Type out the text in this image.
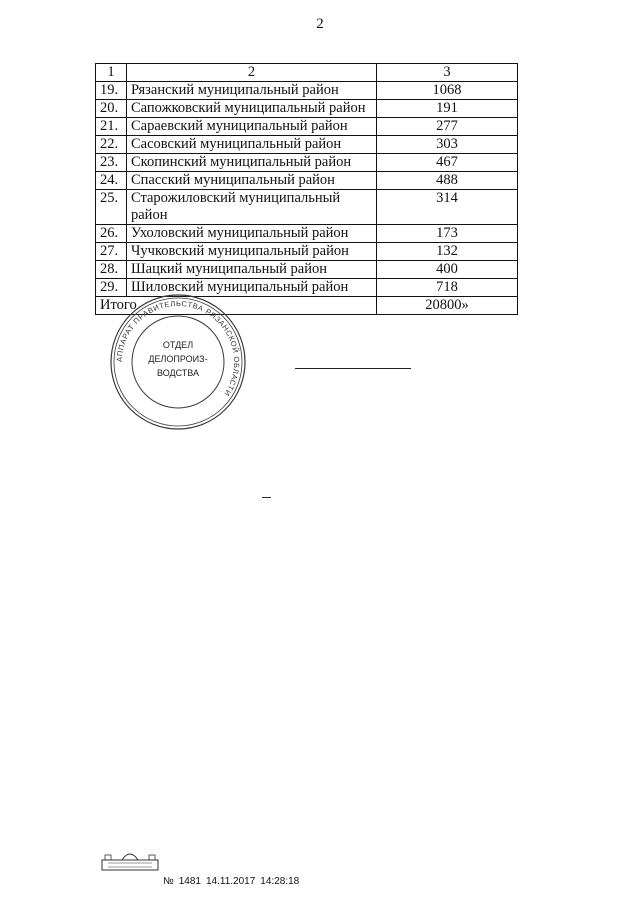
2
1	2	3
19.	Рязанский муниципальный район	1068
20.	Сапожковский муниципальный район	191
21.	Сараевский муниципальный район	277
22.	Сасовский муниципальный район	303
23.	Скопинский муниципальный район	467
24.	Спасский муниципальный район	488
25.	Старожиловский муниципальный район	314
26.	Ухоловский муниципальный район	173
27.	Чучковский муниципальный район	132
28.	Шацкий муниципальный район	400
29.	Шиловский муниципальный район	718
Итого		20800»
АППАРАТ ПРАВИТЕЛЬСТВА РЯЗАНСКОЙ ОБЛАСТИ
ОТДЕЛ
ДЕЛОПРОИЗ-
ВОДСТВА
№ 1481 14.11.2017 14:28:18
